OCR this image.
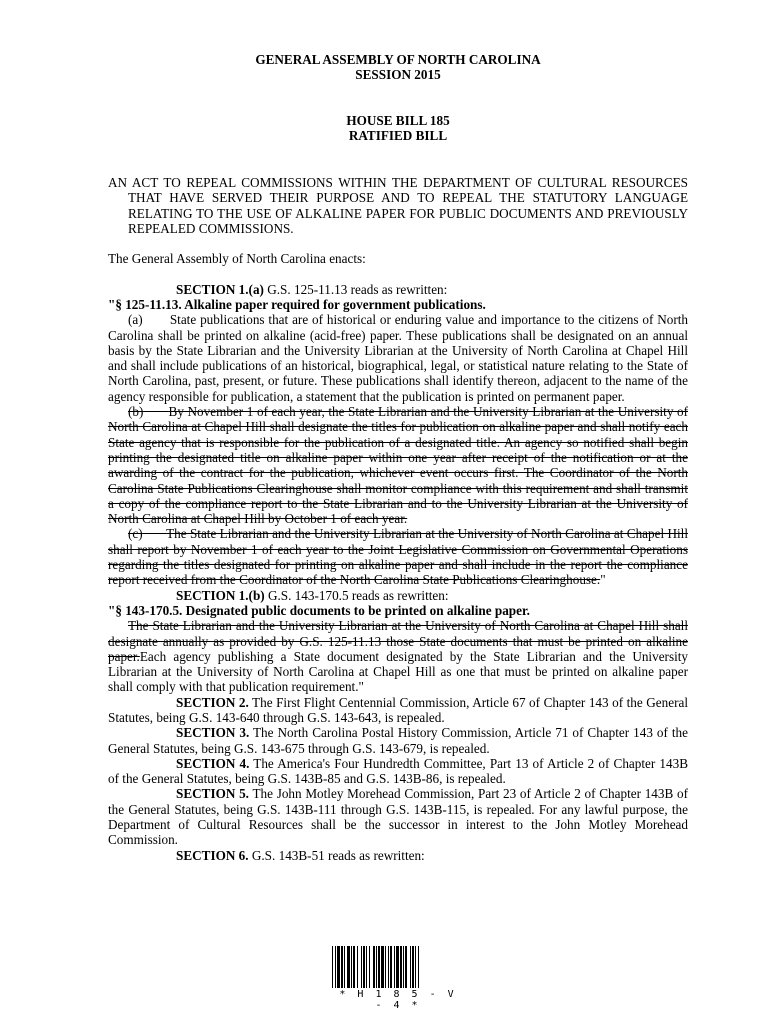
GENERAL ASSEMBLY OF NORTH CAROLINA
SESSION 2015
HOUSE BILL 185
RATIFIED BILL

AN ACT TO REPEAL COMMISSIONS WITHIN THE DEPARTMENT OF CULTURAL RESOURCES THAT HAVE SERVED THEIR PURPOSE AND TO REPEAL THE STATUTORY LANGUAGE RELATING TO THE USE OF ALKALINE PAPER FOR PUBLIC DOCUMENTS AND PREVIOUSLY REPEALED COMMISSIONS.

The General Assembly of North Carolina enacts:

SECTION 1.(a) G.S. 125-11.13 reads as rewritten:

"§ 125-11.13. Alkaline paper required for government publications.

(a) State publications that are of historical or enduring value and importance to the citizens of North Carolina shall be printed on alkaline (acid-free) paper. These publications shall be designated on an annual basis by the State Librarian and the University Librarian at the University of North Carolina at Chapel Hill and shall include publications of an historical, biographical, legal, or statistical nature relating to the State of North Carolina, past, present, or future. These publications shall identify thereon, adjacent to the name of the agency responsible for publication, a statement that the publication is printed on permanent paper.

(b) By November 1 of each year, the State Librarian and the University Librarian at the University of North Carolina at Chapel Hill shall designate the titles for publication on alkaline paper and shall notify each State agency that is responsible for the publication of a designated title. An agency so notified shall begin printing the designated title on alkaline paper within one year after receipt of the notification or at the awarding of the contract for the publication, whichever event occurs first. The Coordinator of the North Carolina State Publications Clearinghouse shall monitor compliance with this requirement and shall transmit a copy of the compliance report to the State Librarian and to the University Librarian at the University of North Carolina at Chapel Hill by October 1 of each year.

(c) The State Librarian and the University Librarian at the University of North Carolina at Chapel Hill shall report by November 1 of each year to the Joint Legislative Commission on Governmental Operations regarding the titles designated for printing on alkaline paper and shall include in the report the compliance report received from the Coordinator of the North Carolina State Publications Clearinghouse."

SECTION 1.(b) G.S. 143-170.5 reads as rewritten:

"§ 143-170.5. Designated public documents to be printed on alkaline paper.

The State Librarian and the University Librarian at the University of North Carolina at Chapel Hill shall designate annually as provided by G.S. 125-11.13 those State documents that must be printed on alkaline paper.Each agency publishing a State document designated by the State Librarian and the University Librarian at the University of North Carolina at Chapel Hill as one that must be printed on alkaline paper shall comply with that publication requirement."

SECTION 2. The First Flight Centennial Commission, Article 67 of Chapter 143 of the General Statutes, being G.S. 143-640 through G.S. 143-643, is repealed.

SECTION 3. The North Carolina Postal History Commission, Article 71 of Chapter 143 of the General Statutes, being G.S. 143-675 through G.S. 143-679, is repealed.

SECTION 4. The America's Four Hundredth Committee, Part 13 of Article 2 of Chapter 143B of the General Statutes, being G.S. 143B-85 and G.S. 143B-86, is repealed.

SECTION 5. The John Motley Morehead Commission, Part 23 of Article 2 of Chapter 143B of the General Statutes, being G.S. 143B-111 through G.S. 143B-115, is repealed. For any lawful purpose, the Department of Cultural Resources shall be the successor in interest to the John Motley Morehead Commission.

SECTION 6. G.S. 143B-51 reads as rewritten:

* H 1 8 5 - V - 4 *
